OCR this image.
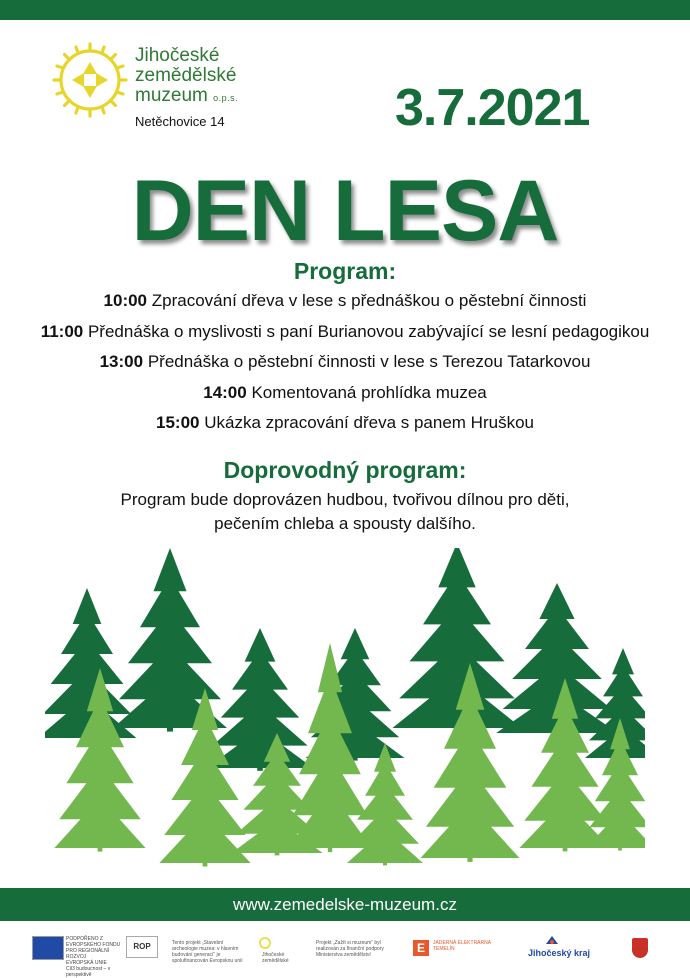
Jihočeské
zemědělské
muzeum o.p.s.
Netěchovice 14	3.7.2021
DEN LESA
Program:
10:00 Zpracování dřeva v lese s přednáškou o pěstební činnosti
11:00 Přednáška o myslivosti s paní Burianovou zabývající se lesní pedagogikou
13:00 Přednáška o pěstební činnosti v lese s Terezou Tatarkovou
14:00 Komentovaná prohlídka muzea
15:00 Ukázka zpracování dřeva s panem Hruškou
Doprovodný program:
Program bude doprovázen hudbou, tvořivou dílnou pro děti,
pečením chleba a spousty dalšího.
www.zemedelske-muzeum.cz
PODPOŘENO Z EVROPSKÉHO FONDU PRO REGIONÁLNÍ ROZVOJ
EVROPSKÁ UNIE
Cíl3 budoucnost – v perspektivě
ROP	Tento projekt „Stavební archeologie muzea: v hlavním budování generací“ je spolufinancován Evropskou unií
Jihočeské zemědělské
Projekt „Zažít si muzeum“ byl realizován za finanční podpory Ministerstva zemědělství	E	JADERNÁ ELEKTRÁRNA TEMELÍN	Jihočeský kraj
